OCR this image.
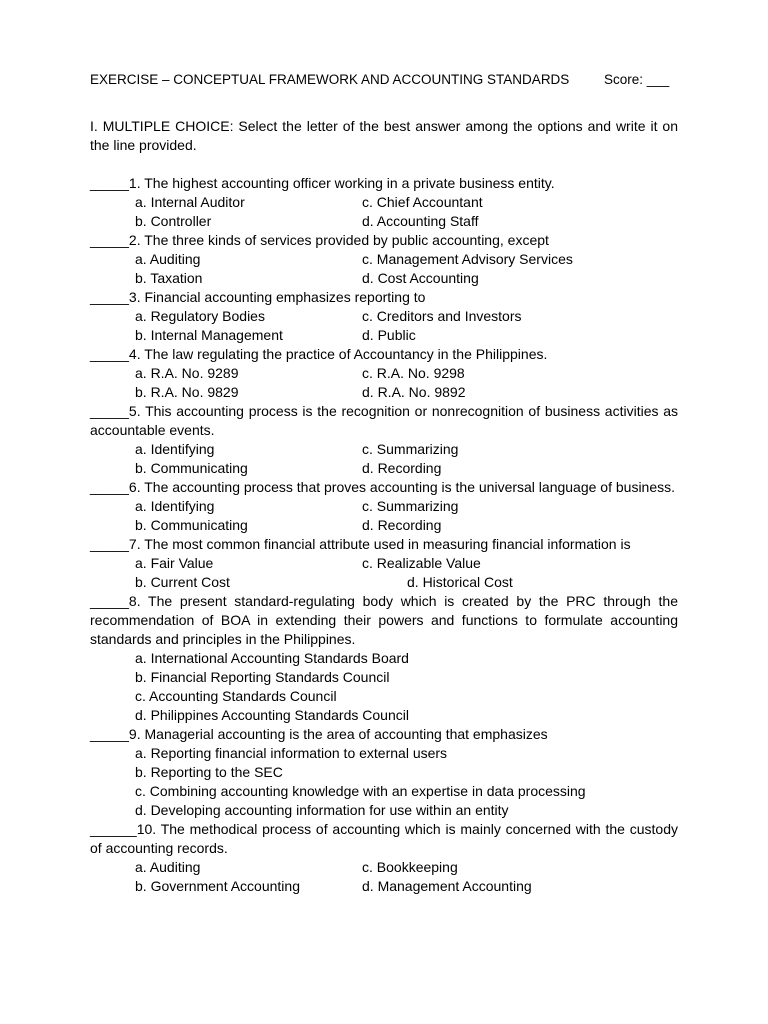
EXERCISE – CONCEPTUAL FRAMEWORK AND ACCOUNTING STANDARDS	Score: ___

I. MULTIPLE CHOICE: Select the letter of the best answer among the options and write it on the line provided.

_____1. The highest accounting officer working in a private business entity.

a. Internal Auditor	c. Chief Accountant
b. Controller	d. Accounting Staff

_____2. The three kinds of services provided by public accounting, except

a. Auditing	c. Management Advisory Services
b. Taxation	d. Cost Accounting

_____3. Financial accounting emphasizes reporting to

a. Regulatory Bodies	c. Creditors and Investors
b. Internal Management	d. Public

_____4. The law regulating the practice of Accountancy in the Philippines.

a. R.A. No. 9289	c. R.A. No. 9298
b. R.A. No. 9829	d. R.A. No. 9892

_____5. This accounting process is the recognition or nonrecognition of business activities as accountable events.

a. Identifying	c. Summarizing
b. Communicating	d. Recording

_____6. The accounting process that proves accounting is the universal language of business.

a. Identifying	c. Summarizing
b. Communicating	d. Recording

_____7. The most common financial attribute used in measuring financial information is

a. Fair Value	c. Realizable Value
b. Current Cost	d. Historical Cost

_____8. The present standard-regulating body which is created by the PRC through the recommendation of BOA in extending their powers and functions to formulate accounting standards and principles in the Philippines.

a. International Accounting Standards Board
b. Financial Reporting Standards Council
c. Accounting Standards Council
d. Philippines Accounting Standards Council

_____9. Managerial accounting is the area of accounting that emphasizes

a. Reporting financial information to external users
b. Reporting to the SEC
c. Combining accounting knowledge with an expertise in data processing
d. Developing accounting information for use within an entity

______10. The methodical process of accounting which is mainly concerned with the custody of accounting records.

a. Auditing	c. Bookkeeping
b. Government Accounting	d. Management Accounting
